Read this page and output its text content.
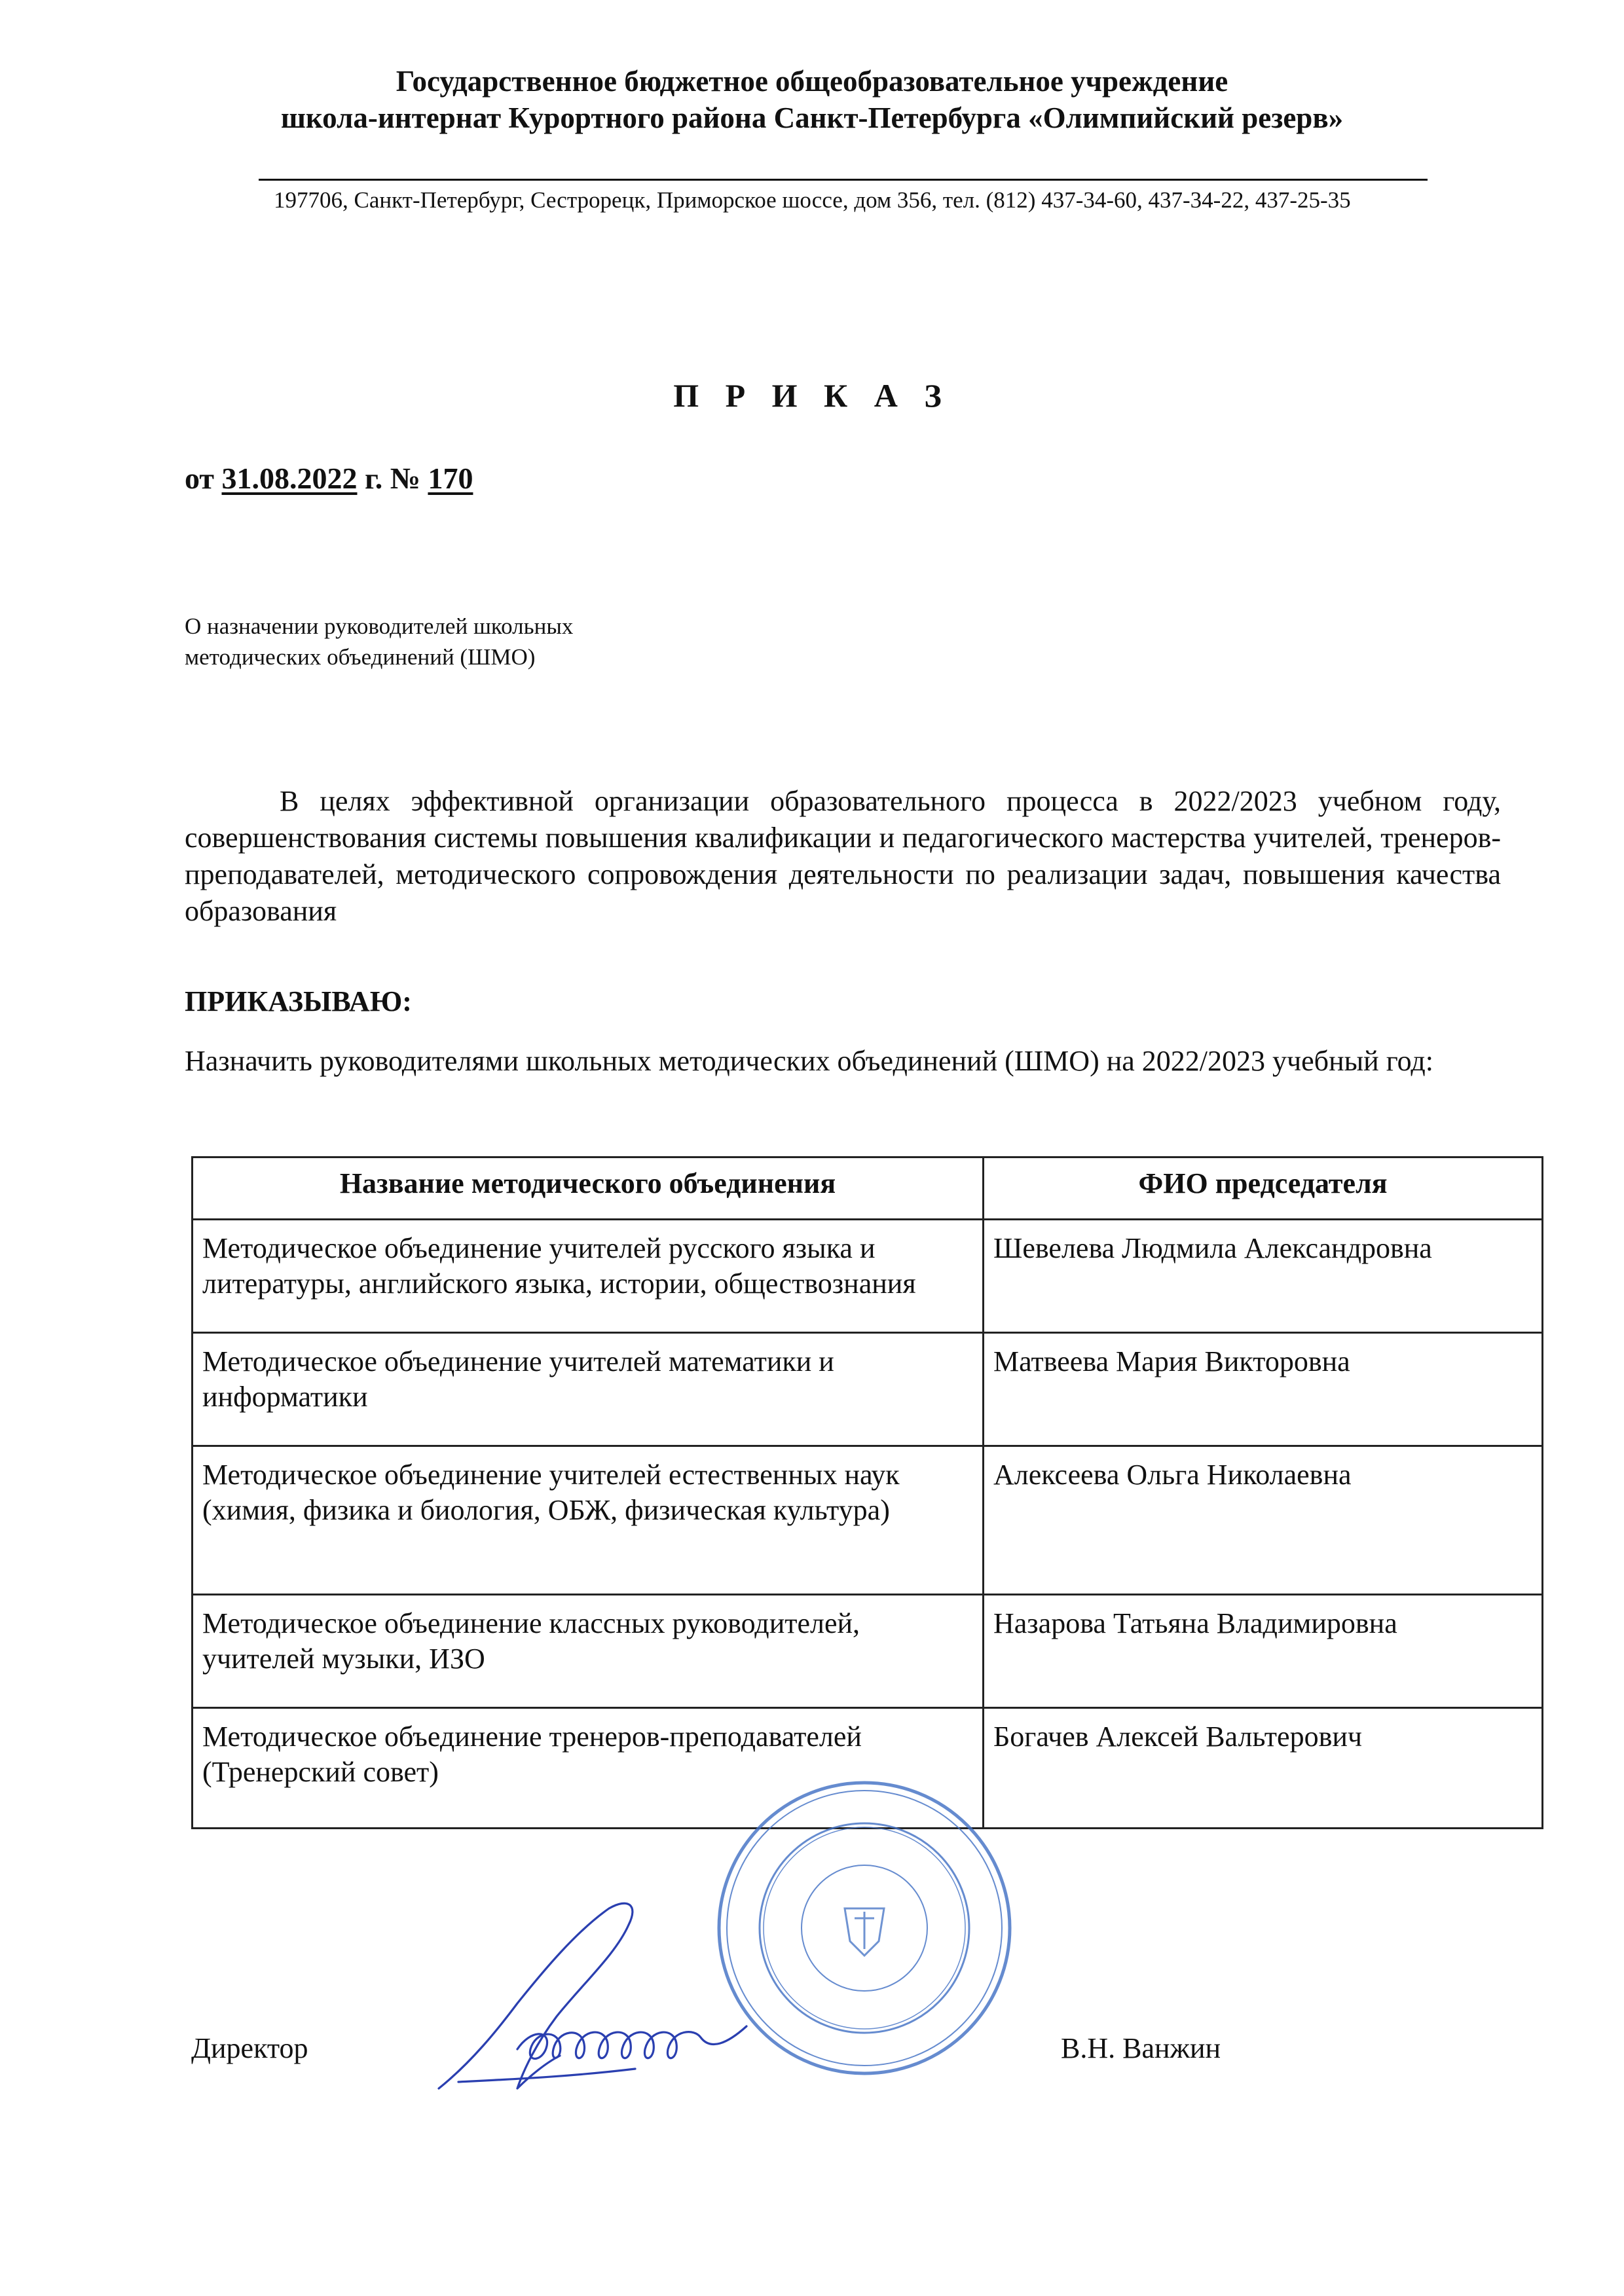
Государственное бюджетное общеобразовательное учреждение
школа-интернат Курортного района Санкт-Петербурга «Олимпийский резерв»
197706, Санкт-Петербург, Сестрорецк, Приморское шоссе, дом 356, тел. (812) 437-34-60, 437-34-22, 437-25-35
П Р И К А З
от 31.08.2022 г. № 170
О назначении руководителей школьных
методических объединений (ШМО)
В целях эффективной организации образовательного процесса в 2022/2023 учебном году, совершенствования системы повышения квалификации и педагогического мастерства учителей, тренеров-преподавателей, методического сопровождения деятельности по реализации задач, повышения качества образования
ПРИКАЗЫВАЮ:
Назначить руководителями школьных методических объединений (ШМО) на 2022/2023 учебный год:
Название методического объединения	ФИО председателя
Методическое объединение учителей русского языка и литературы, английского языка, истории, обществознания	Шевелева Людмила Александровна
Методическое объединение учителей математики и информатики	Матвеева Мария Викторовна
Методическое объединение учителей естественных наук (химия, физика и биология, ОБЖ, физическая культура)	Алексеева Ольга Николаевна
Методическое объединение классных руководителей, учителей музыки, ИЗО	Назарова Татьяна Владимировна
Методическое объединение тренеров-преподавателей (Тренерский совет)	Богачев Алексей Вальтерович
Директор	В.Н. Ванжин
